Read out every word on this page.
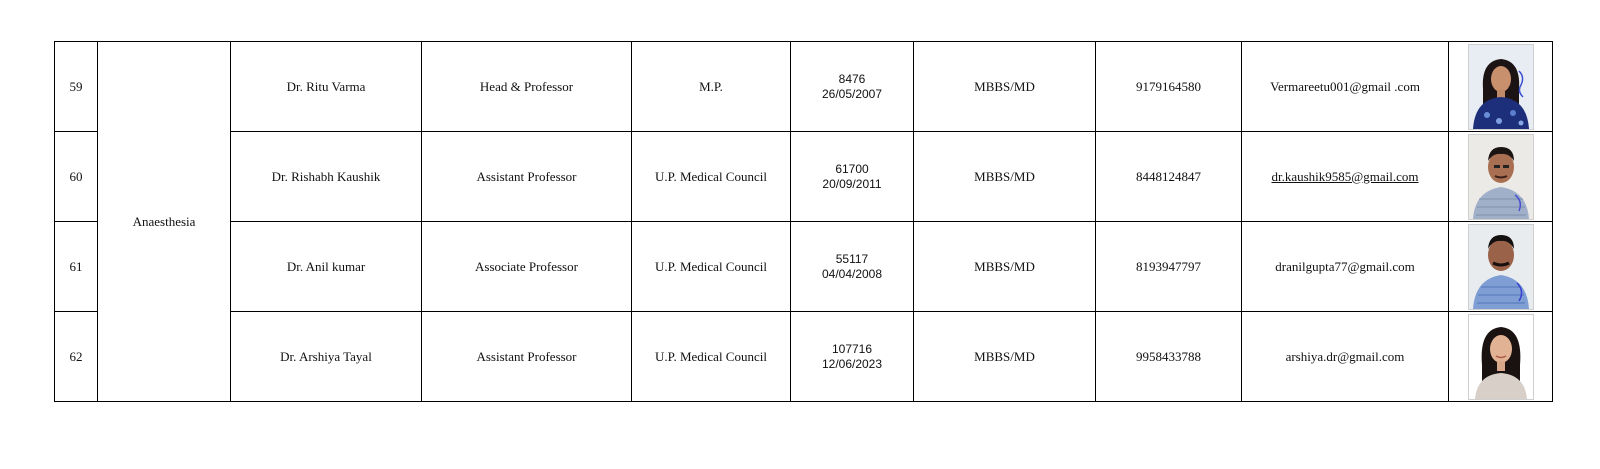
59	Anaesthesia	Dr. Ritu Varma	Head & Professor	M.P.	8476
26/05/2007	MBBS/MD	9179164580	Vermareetu001@gmail .com	

60		Dr. Rishabh Kaushik	Assistant Professor	U.P. Medical Council	61700
20/09/2011	MBBS/MD	8448124847	dr.kaushik9585@gmail.com	

61		Dr. Anil kumar	Associate Professor	U.P. Medical Council	55117
04/04/2008	MBBS/MD	8193947797	dranilgupta77@gmail.com	

62		Dr. Arshiya Tayal	Assistant Professor	U.P. Medical Council	107716
12/06/2023	MBBS/MD	9958433788	arshiya.dr@gmail.com	
